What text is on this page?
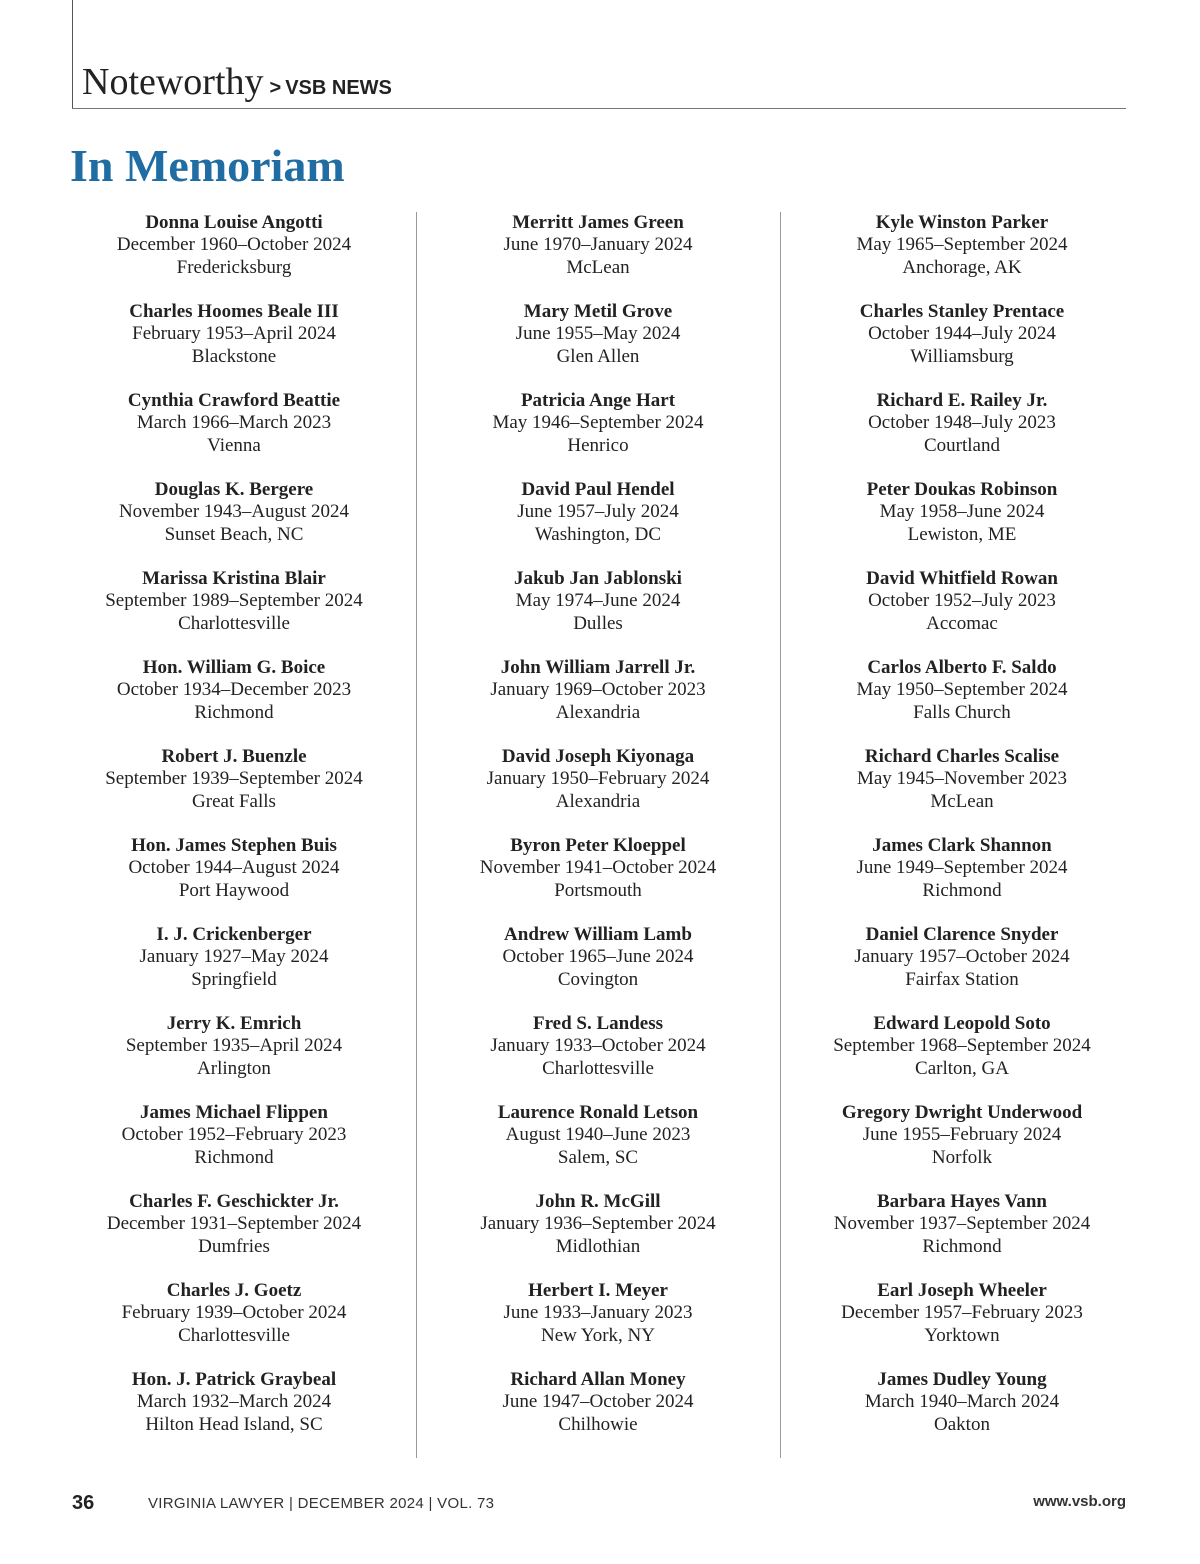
Noteworthy > VSB NEWS
In Memoriam
Donna Louise Angotti
December 1960–October 2024
Fredericksburg
Charles Hoomes Beale III
February 1953–April 2024
Blackstone
Cynthia Crawford Beattie
March 1966–March 2023
Vienna
Douglas K. Bergere
November 1943–August 2024
Sunset Beach, NC
Marissa Kristina Blair
September 1989–September 2024
Charlottesville
Hon. William G. Boice
October 1934–December 2023
Richmond
Robert J. Buenzle
September 1939–September 2024
Great Falls
Hon. James Stephen Buis
October 1944–August 2024
Port Haywood
I. J. Crickenberger
January 1927–May 2024
Springfield
Jerry K. Emrich
September 1935–April 2024
Arlington
James Michael Flippen
October 1952–February 2023
Richmond
Charles F. Geschickter Jr.
December 1931–September 2024
Dumfries
Charles J. Goetz
February 1939–October 2024
Charlottesville
Hon. J. Patrick Graybeal
March 1932–March 2024
Hilton Head Island, SC
Merritt James Green
June 1970–January 2024
McLean
Mary Metil Grove
June 1955–May 2024
Glen Allen
Patricia Ange Hart
May 1946–September 2024
Henrico
David Paul Hendel
June 1957–July 2024
Washington, DC
Jakub Jan Jablonski
May 1974–June 2024
Dulles
John William Jarrell Jr.
January 1969–October 2023
Alexandria
David Joseph Kiyonaga
January 1950–February 2024
Alexandria
Byron Peter Kloeppel
November 1941–October 2024
Portsmouth
Andrew William Lamb
October 1965–June 2024
Covington
Fred S. Landess
January 1933–October 2024
Charlottesville
Laurence Ronald Letson
August 1940–June 2023
Salem, SC
John R. McGill
January 1936–September 2024
Midlothian
Herbert I. Meyer
June 1933–January 2023
New York, NY
Richard Allan Money
June 1947–October 2024
Chilhowie
Kyle Winston Parker
May 1965–September 2024
Anchorage, AK
Charles Stanley Prentace
October 1944–July 2024
Williamsburg
Richard E. Railey Jr.
October 1948–July 2023
Courtland
Peter Doukas Robinson
May 1958–June 2024
Lewiston, ME
David Whitfield Rowan
October 1952–July 2023
Accomac
Carlos Alberto F. Saldo
May 1950–September 2024
Falls Church
Richard Charles Scalise
May 1945–November 2023
McLean
James Clark Shannon
June 1949–September 2024
Richmond
Daniel Clarence Snyder
January 1957–October 2024
Fairfax Station
Edward Leopold Soto
September 1968–September 2024
Carlton, GA
Gregory Dwright Underwood
June 1955–February 2024
Norfolk
Barbara Hayes Vann
November 1937–September 2024
Richmond
Earl Joseph Wheeler
December 1957–February 2023
Yorktown
James Dudley Young
March 1940–March 2024
Oakton
36	VIRGINIA LAWYER | DECEMBER 2024 | VOL. 73	www.vsb.org
